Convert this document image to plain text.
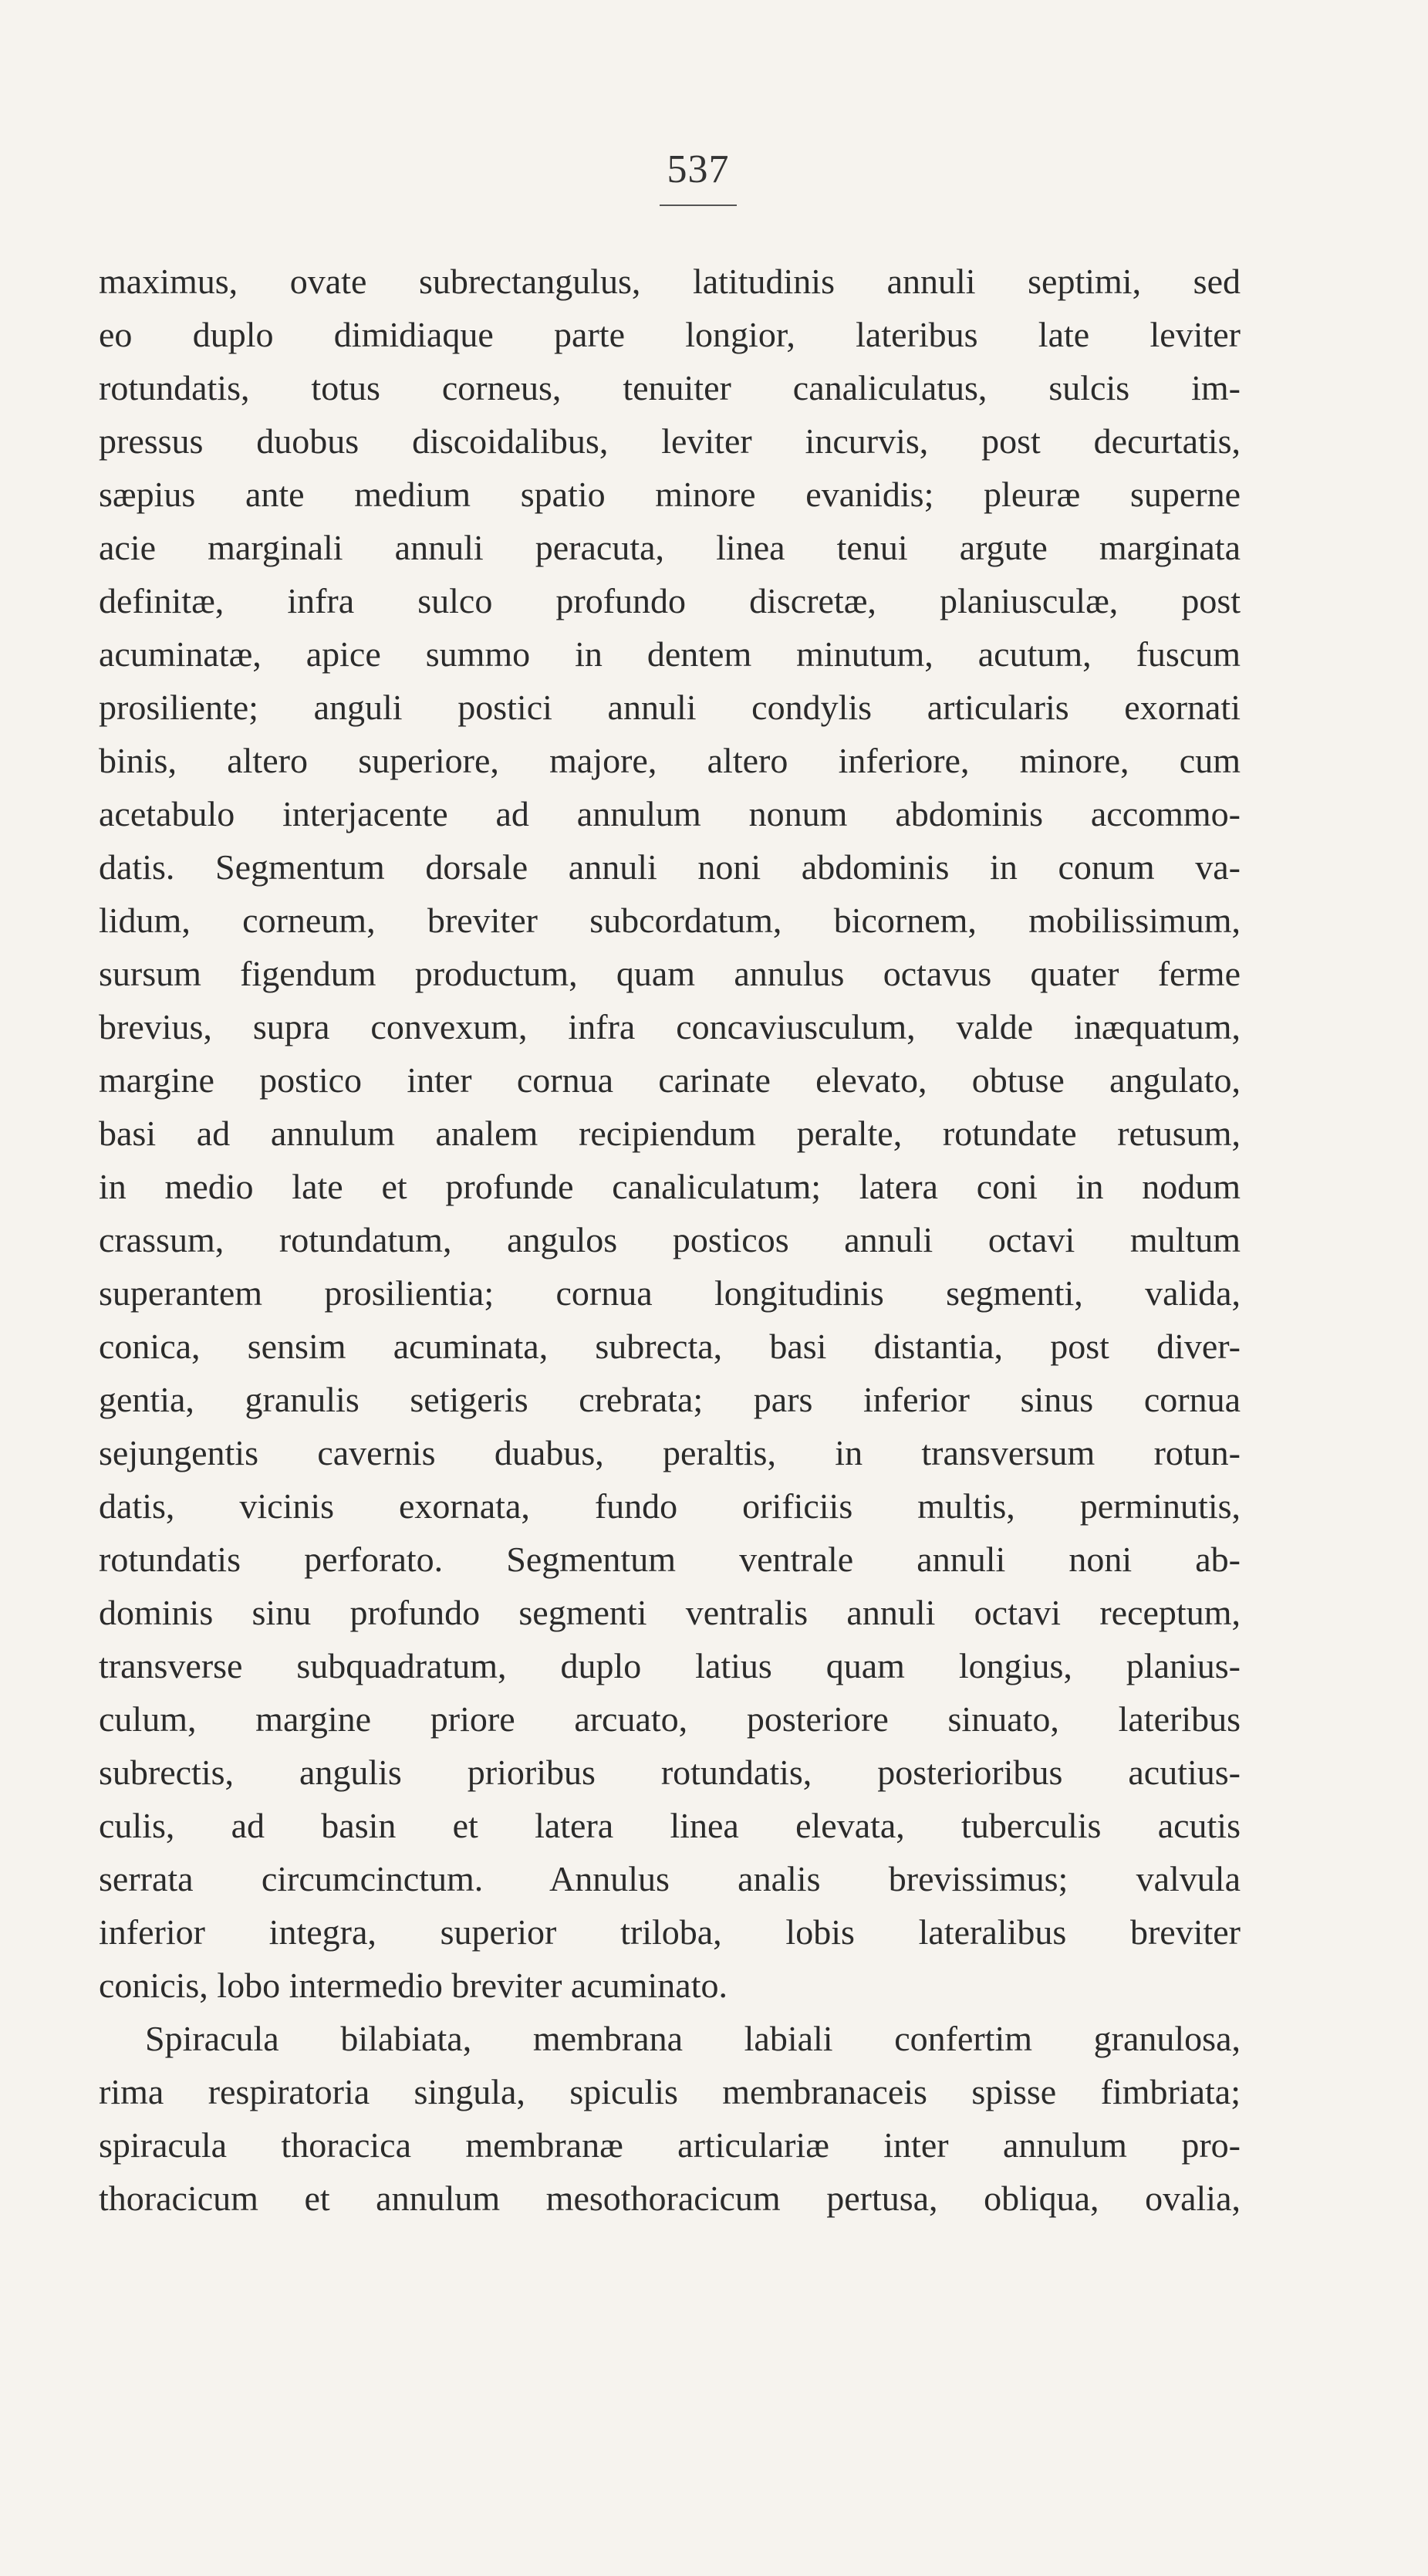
537
maximus, ovate subrectangulus, latitudinis annuli septimi, sed
eo duplo dimidiaque parte longior, lateribus late leviter
rotundatis, totus corneus, tenuiter canaliculatus, sulcis im-
pressus duobus discoidalibus, leviter incurvis, post decurtatis,
sæpius ante medium spatio minore evanidis; pleuræ superne
acie marginali annuli peracuta, linea tenui argute marginata
definitæ, infra sulco profundo discretæ, planiusculæ, post
acuminatæ, apice summo in dentem minutum, acutum, fuscum
prosiliente; anguli postici annuli condylis articularis exornati
binis, altero superiore, majore, altero inferiore, minore, cum
acetabulo interjacente ad annulum nonum abdominis accommo-
datis. Segmentum dorsale annuli noni abdominis in conum va-
lidum, corneum, breviter subcordatum, bicornem, mobilissimum,
sursum figendum productum, quam annulus octavus quater ferme
brevius, supra convexum, infra concaviusculum, valde inæquatum,
margine postico inter cornua carinate elevato, obtuse angulato,
basi ad annulum analem recipiendum peralte, rotundate retusum,
in medio late et profunde canaliculatum; latera coni in nodum
crassum, rotundatum, angulos posticos annuli octavi multum
superantem prosilientia; cornua longitudinis segmenti, valida,
conica, sensim acuminata, subrecta, basi distantia, post diver-
gentia, granulis setigeris crebrata; pars inferior sinus cornua
sejungentis cavernis duabus, peraltis, in transversum rotun-
datis, vicinis exornata, fundo orificiis multis, perminutis,
rotundatis perforato. Segmentum ventrale annuli noni ab-
dominis sinu profundo segmenti ventralis annuli octavi receptum,
transverse subquadratum, duplo latius quam longius, planius-
culum, margine priore arcuato, posteriore sinuato, lateribus
subrectis, angulis prioribus rotundatis, posterioribus acutius-
culis, ad basin et latera linea elevata, tuberculis acutis
serrata circumcinctum. Annulus analis brevissimus; valvula
inferior integra, superior triloba, lobis lateralibus breviter
conicis, lobo intermedio breviter acuminato.
Spiracula bilabiata, membrana labiali confertim granulosa,
rima respiratoria singula, spiculis membranaceis spisse fimbriata;
spiracula thoracica membranæ articulariæ inter annulum pro-
thoracicum et annulum mesothoracicum pertusa, obliqua, ovalia,
